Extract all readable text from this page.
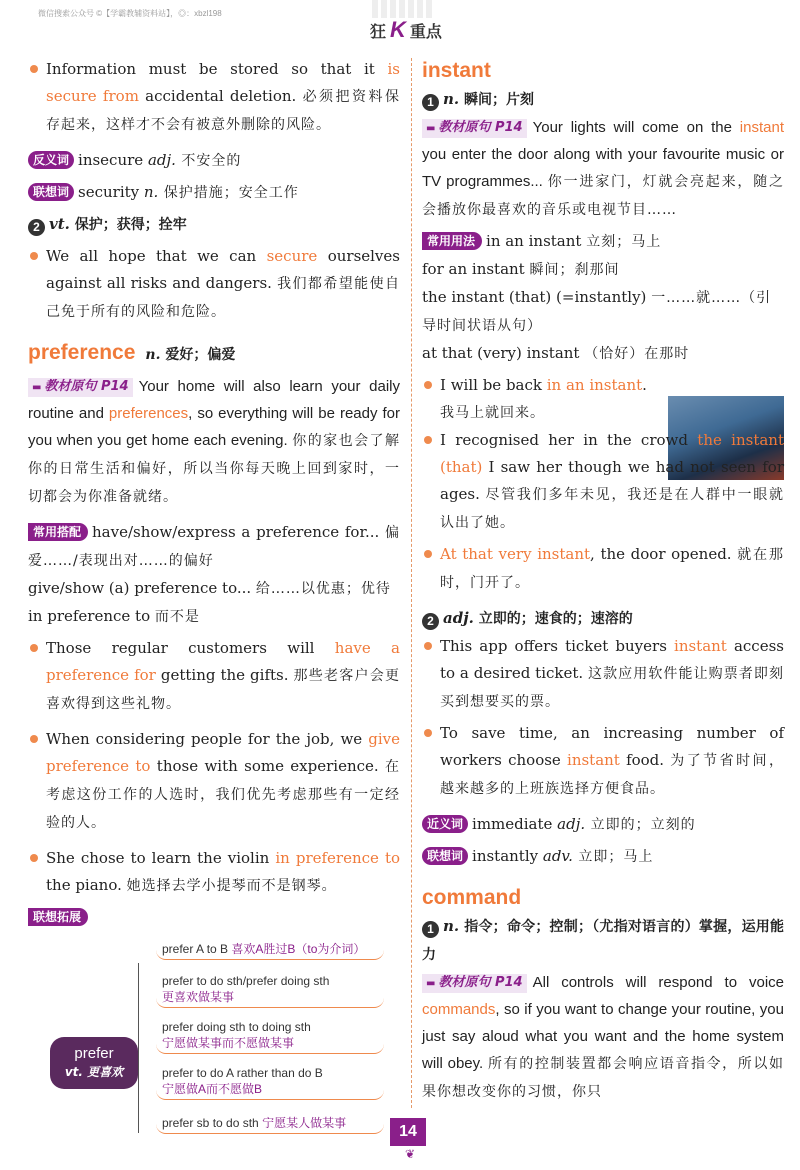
微信搜索公众号 ©【学霸教辅资料站】，◎：xbzl198
狂 K 重点

Information must be stored so that it is secure from accidental deletion. 必须把资料保存起来，这样才不会有被意外删除的风险。

反义词 insecure adj. 不安全的

联想词 security n. 保护措施；安全工作

2 vt. 保护；获得；拴牢

We all hope that we can secure ourselves against all risks and dangers. 我们都希望能使自己免于所有的风险和危险。

preference n. 爱好；偏爱

▬ 教材原句 P14 Your home will also learn your daily routine and preferences, so everything will be ready for you when you get home each evening. 你的家也会了解你的日常生活和偏好，所以当你每天晚上回到家时，一切都会为你准备就绪。

常用搭配 have/show/express a preference for... 偏爱……/表现出对……的偏好

give/show (a) preference to... 给……以优惠；优待

in preference to 而不是

Those regular customers will have a preference for getting the gifts. 那些老客户会更喜欢得到这些礼物。

When considering people for the job, we give preference to those with some experience. 在考虑这份工作的人选时，我们优先考虑那些有一定经验的人。

She chose to learn the violin in preference to the piano. 她选择去学小提琴而不是钢琴。

联想拓展

prefer
vt. 更喜欢
prefer A to B 喜欢A胜过B（to为介词）
prefer to do sth/prefer doing sth
更喜欢做某事
prefer doing sth to doing sth
宁愿做某事而不愿做某事
prefer to do A rather than do B
宁愿做A而不愿做B
prefer sb to do sth 宁愿某人做某事

instant

1 n. 瞬间；片刻

▬ 教材原句 P14 Your lights will come on the instant you enter the door along with your favourite music or TV programmes... 你一进家门，灯就会亮起来，随之会播放你最喜欢的音乐或电视节目……

常用用法 in an instant 立刻；马上

for an instant 瞬间；刹那间

the instant (that) (=instantly) 一……就……（引导时间状语从句）

at that (very) instant （恰好）在那时

I will be back in an instant.
我马上就回来。

I recognised her in the crowd the instant (that) I saw her though we had not seen for ages. 尽管我们多年未见，我还是在人群中一眼就认出了她。

At that very instant, the door opened. 就在那时，门开了。

2 adj. 立即的；速食的；速溶的

This app offers ticket buyers instant access to a desired ticket. 这款应用软件能让购票者即刻买到想要买的票。

To save time, an increasing number of workers choose instant food. 为了节省时间，越来越多的上班族选择方便食品。

近义词 immediate adj. 立即的；立刻的

联想词 instantly adv. 立即；马上

command

1 n. 指令；命令；控制；（尤指对语言的）掌握，运用能力

▬ 教材原句 P14 All controls will respond to voice commands, so if you want to change your routine, you just say aloud what you want and the home system will obey. 所有的控制装置都会响应语音指令，所以如果你想改变你的习惯，你只

14
❦
